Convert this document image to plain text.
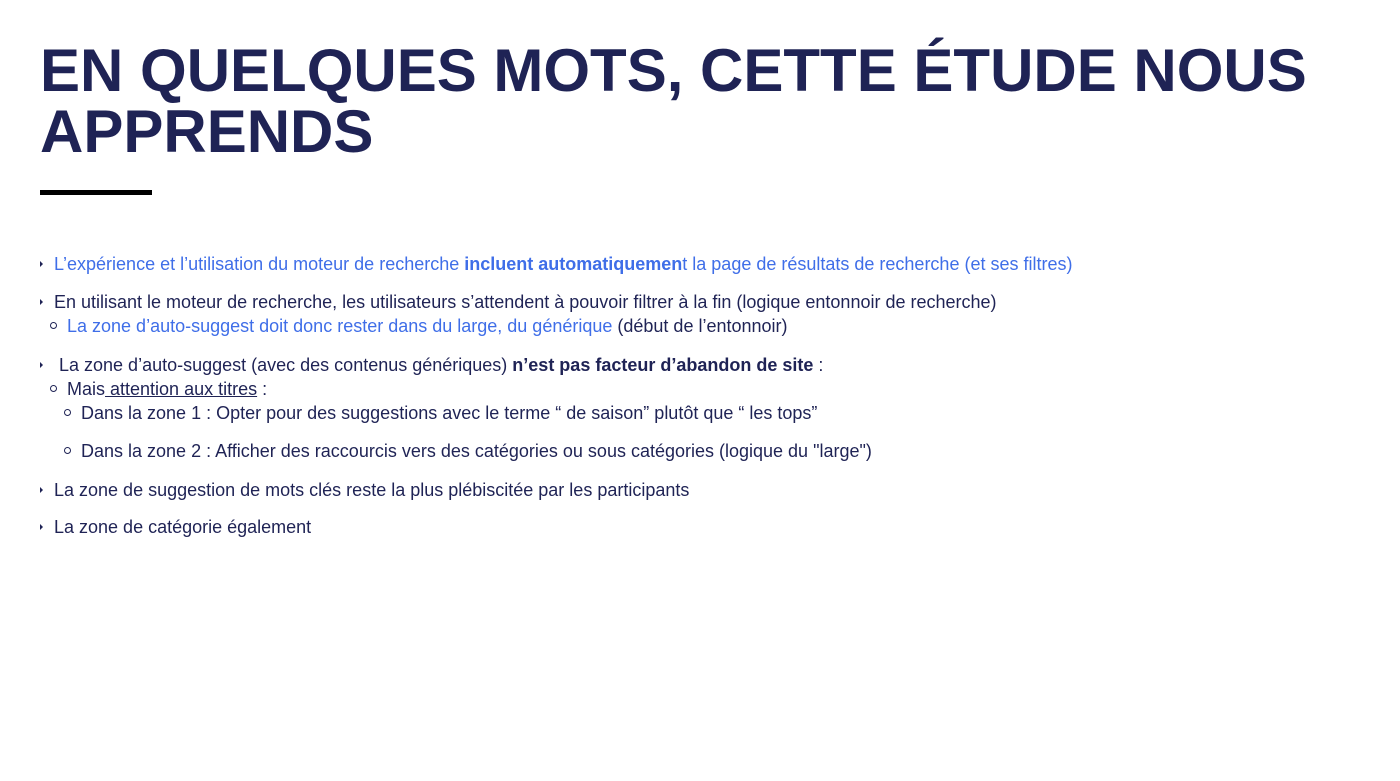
EN QUELQUES MOTS, CETTE ÉTUDE NOUS
APPRENDS
L’expérience et l’utilisation du moteur de recherche incluent automatiquement la page de résultats de recherche (et ses filtres)
En utilisant le moteur de recherche, les utilisateurs s’attendent à pouvoir filtrer à la fin (logique entonnoir de recherche)
La zone d’auto-suggest doit donc rester dans du large, du générique (début de l’entonnoir)
La zone d’auto-suggest (avec des contenus génériques) n’est pas facteur d’abandon de site :
Mais attention aux titres :
Dans la zone 1 : Opter pour des suggestions avec le terme “ de saison” plutôt que “ les tops”
Dans la zone 2 : Afficher des raccourcis vers des catégories ou sous catégories (logique du "large")
La zone de suggestion de mots clés reste la plus plébiscitée par les participants
La zone de catégorie également
